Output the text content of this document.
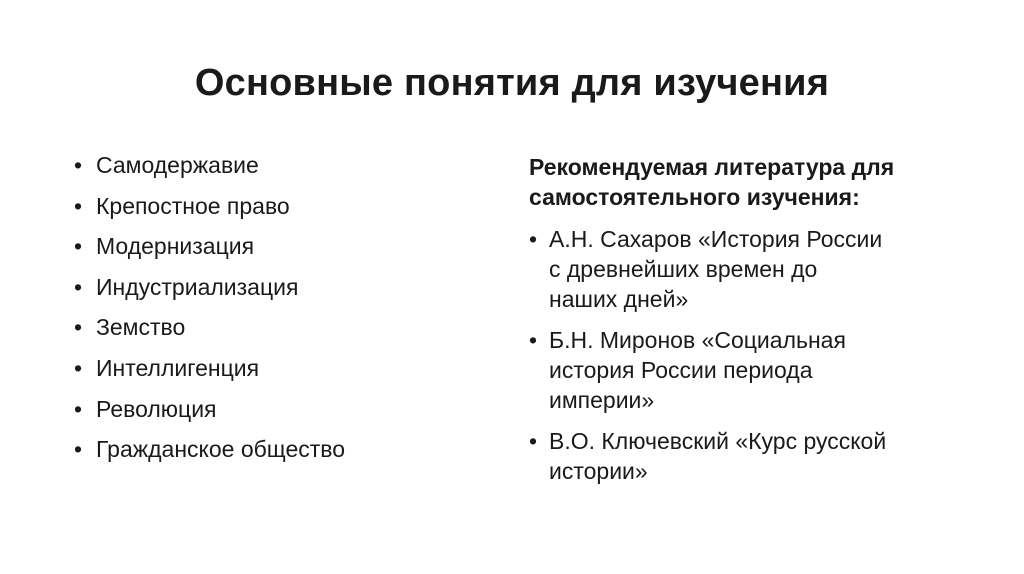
Основные понятия для изучения
• Самодержавие
• Крепостное право
• Модернизация
• Индустриализация
• Земство
• Интеллигенция
• Революция
• Гражданское общество
Рекомендуемая литература для
самостоятельного изучения:
• А.Н. Сахаров «История России
с древнейших времен до
наших дней»
• Б.Н. Миронов «Социальная
история России периода
империи»
• В.О. Ключевский «Курс русской
истории»
